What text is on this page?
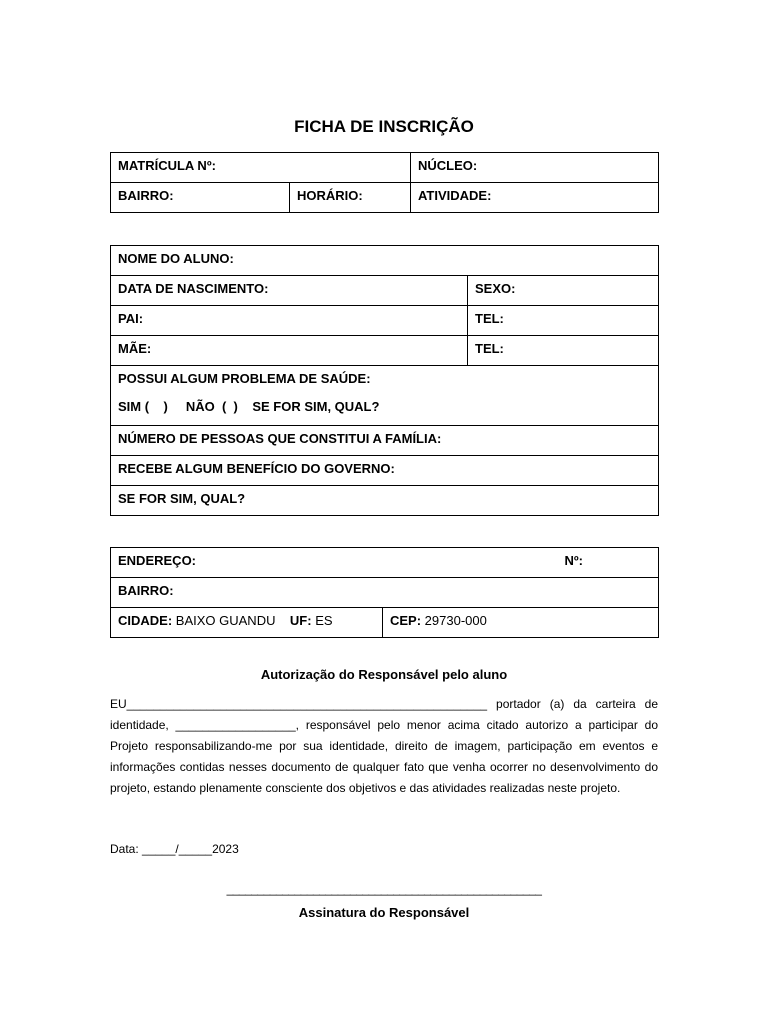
FICHA DE INSCRIÇÃO
MATRÍCULA Nº:		NÚCLEO:
BAIRRO:	HORÁRIO:	ATIVIDADE:
NOME DO ALUNO:	
DATA DE NASCIMENTO:	SEXO:
PAI:	TEL:
MÃE:	TEL:

POSSUI ALGUM PROBLEMA DE SAÚDE:
SIM (    )     NÃO  (  )    SE FOR SIM, QUAL?	

NÚMERO DE PESSOAS QUE CONSTITUI A FAMÍLIA:	
RECEBE ALGUM BENEFÍCIO DO GOVERNO:	
SE FOR SIM, QUAL?	
ENDEREÇO:	Nº:

BAIRRO:
CIDADE: BAIXO GUANDU UF: ES	CEP: 29730-000
Autorização do Responsável pelo aluno

EU______________________________________________________ portador (a) da carteira de identidade, __________________, responsável pelo menor acima citado autorizo a participar do Projeto responsabilizando-me por sua identidade, direito de imagem, participação em eventos e informações contidas nesses documento de qualquer fato que venha ocorrer no desenvolvimento do projeto, estando plenamente consciente dos objetivos e das atividades realizadas neste projeto.

Data: _____/_____2023
___________________________________________________
Assinatura do Responsável
